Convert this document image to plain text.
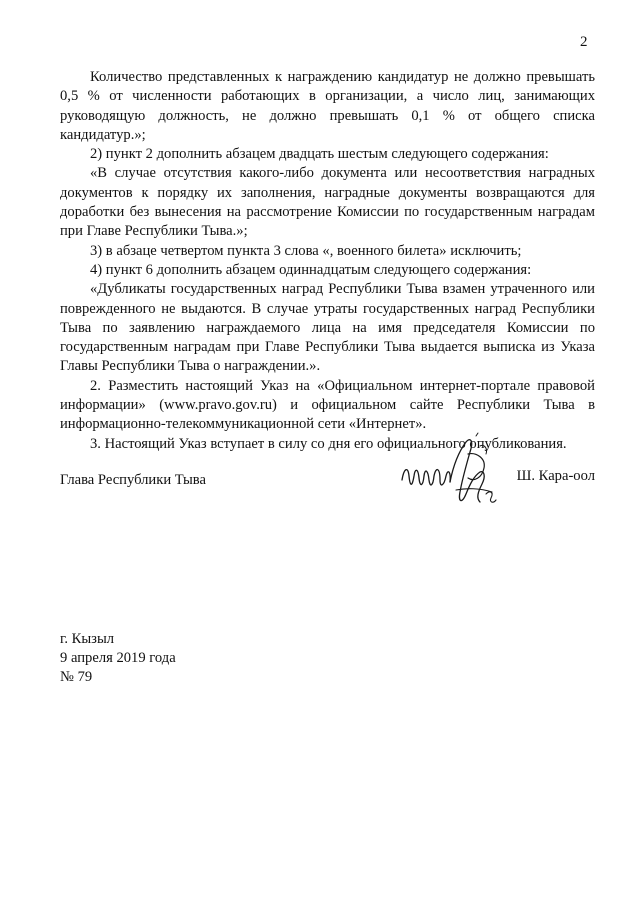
2

Количество представленных к награждению кандидатур не должно превышать 0,5 % от численности работающих в организации, а число лиц, занимающих руководящую должность, не должно превышать 0,1 % от общего списка кандидатур.»;

2) пункт 2 дополнить абзацем двадцать шестым следующего содержания:

«В случае отсутствия какого-либо документа или несоответствия наградных документов к порядку их заполнения, наградные документы возвращаются для доработки без вынесения на рассмотрение Комиссии по государственным наградам при Главе Республики Тыва.»;

3) в абзаце четвертом пункта 3 слова «, военного билета» исключить;

4) пункт 6 дополнить абзацем одиннадцатым следующего содержания:

«Дубликаты государственных наград Республики Тыва взамен утраченного или поврежденного не выдаются. В случае утраты государственных наград Республики Тыва по заявлению награждаемого лица на имя председателя Комиссии по государственным наградам при Главе Республики Тыва выдается выписка из Указа Главы Республики Тыва о награждении.».

2. Разместить настоящий Указ на «Официальном интернет-портале правовой информации» (www.pravo.gov.ru) и официальном сайте Республики Тыва в информационно-телекоммуникационной сети «Интернет».

3. Настоящий Указ вступает в силу со дня его официального опубликования.

Глава Республики Тыва	Ш. Кара-оол
г. Кызыл
9 апреля 2019 года
№ 79
